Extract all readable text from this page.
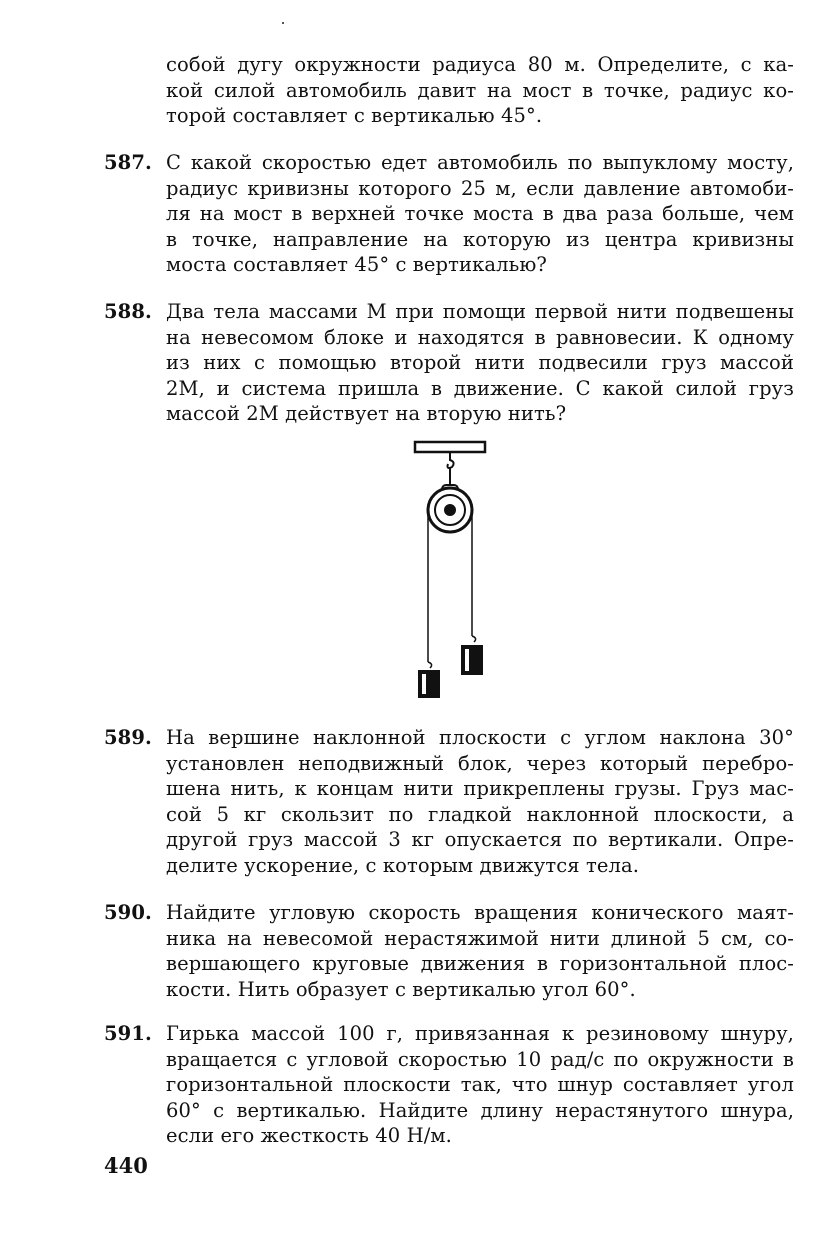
собой дугу окружности радиуса 80 м. Определите, с ка-
кой силой автомобиль давит на мост в точке, радиус ко-
торой составляет с вертикалью 45°.
587. С какой скоростью едет автомобиль по выпуклому мосту,
радиус кривизны которого 25 м, если давление автомоби-
ля на мост в верхней точке моста в два раза больше, чем
в точке, направление на которую из центра кривизны
моста составляет 45° с вертикалью?
588. Два тела массами M при помощи первой нити подвешены
на невесомом блоке и находятся в равновесии. К одному
из них с помощью второй нити подвесили груз массой
2M, и система пришла в движение. С какой силой груз
массой 2M действует на вторую нить?
589. На вершине наклонной плоскости с углом наклона 30°
установлен неподвижный блок, через который перебро-
шена нить, к концам нити прикреплены грузы. Груз мас-
сой 5 кг скользит по гладкой наклонной плоскости, а
другой груз массой 3 кг опускается по вертикали. Опре-
делите ускорение, с которым движутся тела.
590. Найдите угловую скорость вращения конического маят-
ника на невесомой нерастяжимой нити длиной 5 см, со-
вершающего круговые движения в горизонтальной плос-
кости. Нить образует с вертикалью угол 60°.
591. Гирька массой 100 г, привязанная к резиновому шнуру,
вращается с угловой скоростью 10 рад/с по окружности в
горизонтальной плоскости так, что шнур составляет угол
60° с вертикалью. Найдите длину нерастянутого шнура,
если его жесткость 40 Н/м.
440
